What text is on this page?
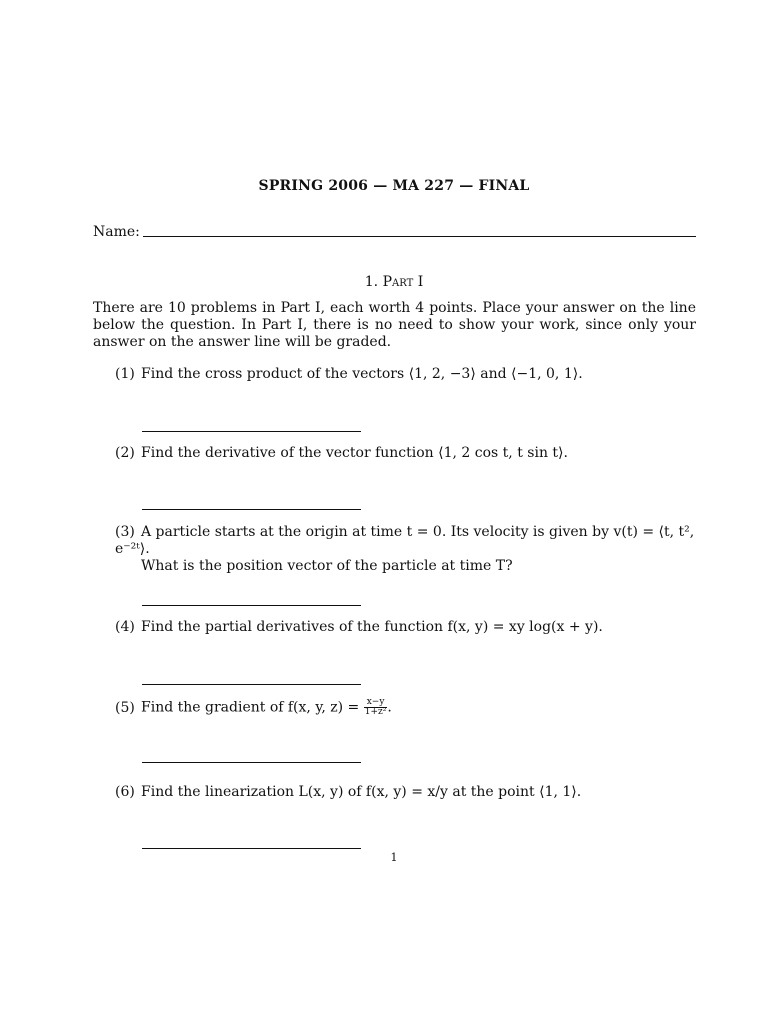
SPRING 2006 — MA 227 — FINAL
Name:
1. Part I
There are 10 problems in Part I, each worth 4 points. Place your answer on the line below the question. In Part I, there is no need to show your work, since only your answer on the answer line will be graded.
(1) Find the cross product of the vectors ⟨1, 2, −3⟩ and ⟨−1, 0, 1⟩.
(2) Find the derivative of the vector function ⟨1, 2 cos t, t sin t⟩.
(3) A particle starts at the origin at time t = 0. Its velocity is given by v(t) = ⟨t, t², e⁻²ᵗ⟩.
What is the position vector of the particle at time T?
(4) Find the partial derivatives of the function f(x, y) = xy log(x + y).
(5) Find the gradient of f(x, y, $z) = \frac{x-y}{\text{1+z²}}$ .
(6) Find the linearization L(x, y) of f(x, y) = x/y at the point ⟨1, 1⟩.
1
